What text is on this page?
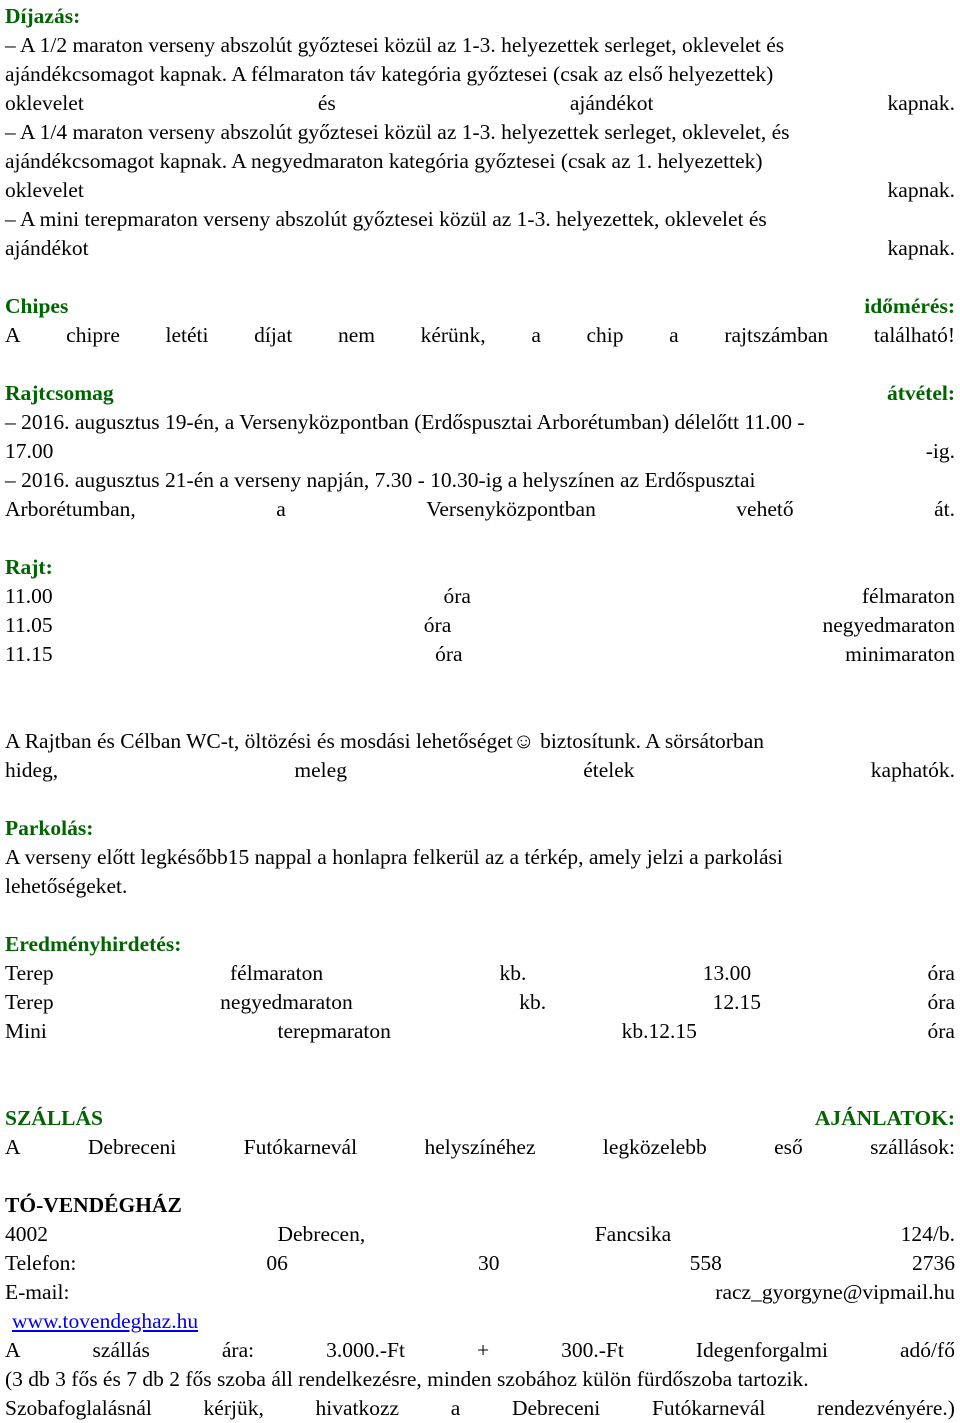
Díjazás:
– A 1/2 maraton verseny abszolút győztesei közül az 1-3. helyezettek serleget, oklevelet és
ajándékcsomagot kapnak. A félmaraton táv kategória győztesei (csak az első helyezettek)
oklevelet	és	ajándékot	kapnak.
– A 1/4 maraton verseny abszolút győztesei közül az 1-3. helyezettek serleget, oklevelet, és
ajándékcsomagot kapnak. A negyedmaraton kategória győztesei (csak az 1. helyezettek)
oklevelet	kapnak.
– A mini terepmaraton verseny abszolút győztesei közül az 1-3. helyezettek, oklevelet és
ajándékot	kapnak.
Chipes	időmérés:
A chipre letéti díjat nem kérünk, a chip a rajtszámban található!
Rajtcsomag	átvétel:
– 2016. augusztus 19-én, a Versenyközpontban (Erdőspusztai Arborétumban) délelőtt 11.00 -
17.00	-ig.
– 2016. augusztus 21-én a verseny napján, 7.30 - 10.30-ig a helyszínen az Erdőspusztai
Arborétumban,	a	Versenyközpontban	vehető	át.
Rajt:
11.00	óra	félmaraton
11.05	óra	negyedmaraton
11.15	óra	minimaraton
A Rajtban és Célban WC-t, öltözési és mosdási lehetőséget☺ biztosítunk. A sörsátorban
hideg,	meleg	ételek	kaphatók.
Parkolás:
A verseny előtt legkésőbb15 nappal a honlapra felkerül az a térkép, amely jelzi a parkolási
lehetőségeket.
Eredményhirdetés:
Terep	félmaraton	kb.	13.00	óra
Terep	negyedmaraton	kb.	12.15	óra
Mini	terepmaraton	kb.12.15	óra
SZÁLLÁS	AJÁNLATOK:
A	Debreceni	Futókarnevál	helyszínéhez	legközelebb	eső	szállások:
TÓ-VENDÉGHÁZ
4002	Debrecen,	Fancsika	124/b.
Telefon:	06	30	558	2736
E-mail:	racz_gyorgyne@vipmail.hu
www.tovendeghaz.hu
A	szállás	ára:	3.000.-Ft	+	300.-Ft	Idegenforgalmi	adó/fő
(3 db 3 fős és 7 db 2 fős szoba áll rendelkezésre, minden szobához külön fürdőszoba tartozik.
Szobafoglalásnál kérjük, hivatkozz a Debreceni Futókarnevál rendezvényére.)
